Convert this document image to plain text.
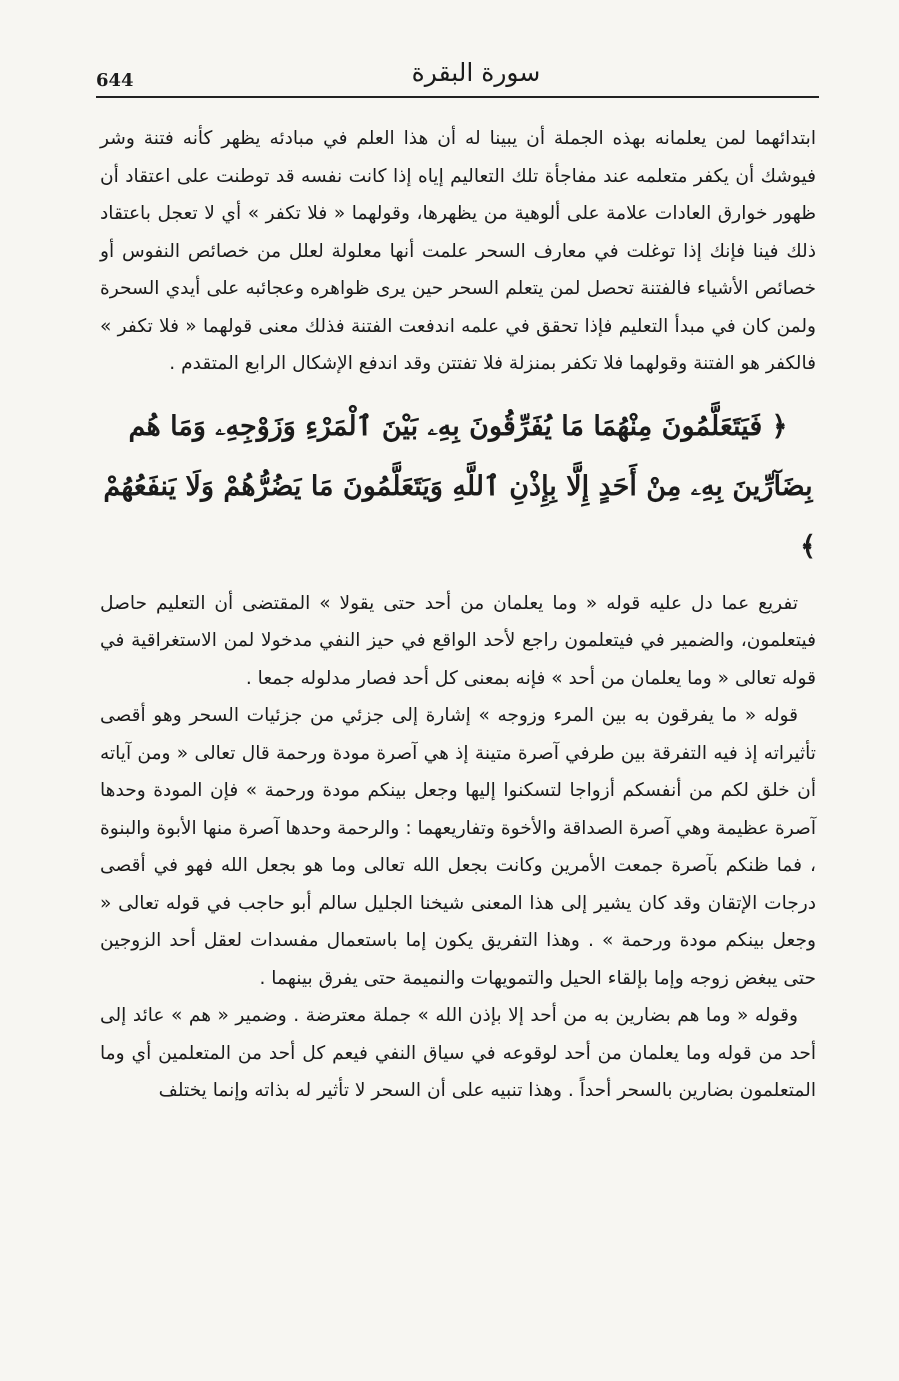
644	سورة البقرة

ابتدائهما لمن يعلمانه بهذه الجملة أن يبينا له أن هذا العلم في مبادئه يظهر كأنه فتنة وشر فيوشك أن يكفر متعلمه عند مفاجأة تلك التعاليم إياه إذا كانت نفسه قد توطنت على اعتقاد أن ظهور خوارق العادات علامة على ألوهية من يظهرها، وقولهما « فلا تكفر » أي لا تعجل باعتقاد ذلك فينا فإنك إذا توغلت في معارف السحر علمت أنها معلولة لعلل من خصائص النفوس أو خصائص الأشياء فالفتنة تحصل لمن يتعلم السحر حين يرى ظواهره وعجائبه على أيدي السحرة ولمن كان في مبدأ التعليم فإذا تحقق في علمه اندفعت الفتنة فذلك معنى قولهما « فلا تكفر » فالكفر هو الفتنة وقولهما فلا تكفر بمنزلة فلا تفتتن وقد اندفع الإشكال الرابع المتقدم .

﴿ فَيَتَعَلَّمُونَ مِنْهُمَا مَا يُفَرِّقُونَ بِهِۦ بَيْنَ ٱلْمَرْءِ وَزَوْجِهِۦ وَمَا هُم بِضَآرِّينَ بِهِۦ مِنْ أَحَدٍ إِلَّا بِإِذْنِ ٱللَّهِ وَيَتَعَلَّمُونَ مَا يَضُرُّهُمْ وَلَا يَنفَعُهُمْ ﴾

تفريع عما دل عليه قوله « وما يعلمان من أحد حتى يقولا » المقتضى أن التعليم حاصل فيتعلمون، والضمير في فيتعلمون راجع لأحد الواقع في حيز النفي مدخولا لمن الاستغراقية في قوله تعالى « وما يعلمان من أحد » فإنه بمعنى كل أحد فصار مدلوله جمعا .

قوله « ما يفرقون به بين المرء وزوجه » إشارة إلى جزئي من جزئيات السحر وهو أقصى تأثيراته إذ فيه التفرقة بين طرفي آصرة متينة إذ هي آصرة مودة ورحمة قال تعالى « ومن آياته أن خلق لكم من أنفسكم أزواجا لتسكنوا إليها وجعل بينكم مودة ورحمة » فإن المودة وحدها آصرة عظيمة وهي آصرة الصداقة والأخوة وتفاريعهما : والرحمة وحدها آصرة منها الأبوة والبنوة ، فما ظنكم بآصرة جمعت الأمرين وكانت بجعل الله تعالى وما هو بجعل الله فهو في أقصى درجات الإتقان وقد كان يشير إلى هذا المعنى شيخنا الجليل سالم أبو حاجب في قوله تعالى « وجعل بينكم مودة ورحمة » . وهذا التفريق يكون إما باستعمال مفسدات لعقل أحد الزوجين حتى يبغض زوجه وإما بإلقاء الحيل والتمويهات والنميمة حتى يفرق بينهما .

وقوله « وما هم بضارين به من أحد إلا بإذن الله » جملة معترضة . وضمير « هم » عائد إلى أحد من قوله وما يعلمان من أحد لوقوعه في سياق النفي فيعم كل أحد من المتعلمين أي وما المتعلمون بضارين بالسحر أحداً . وهذا تنبيه على أن السحر لا تأثير له بذاته وإنما يختلف
